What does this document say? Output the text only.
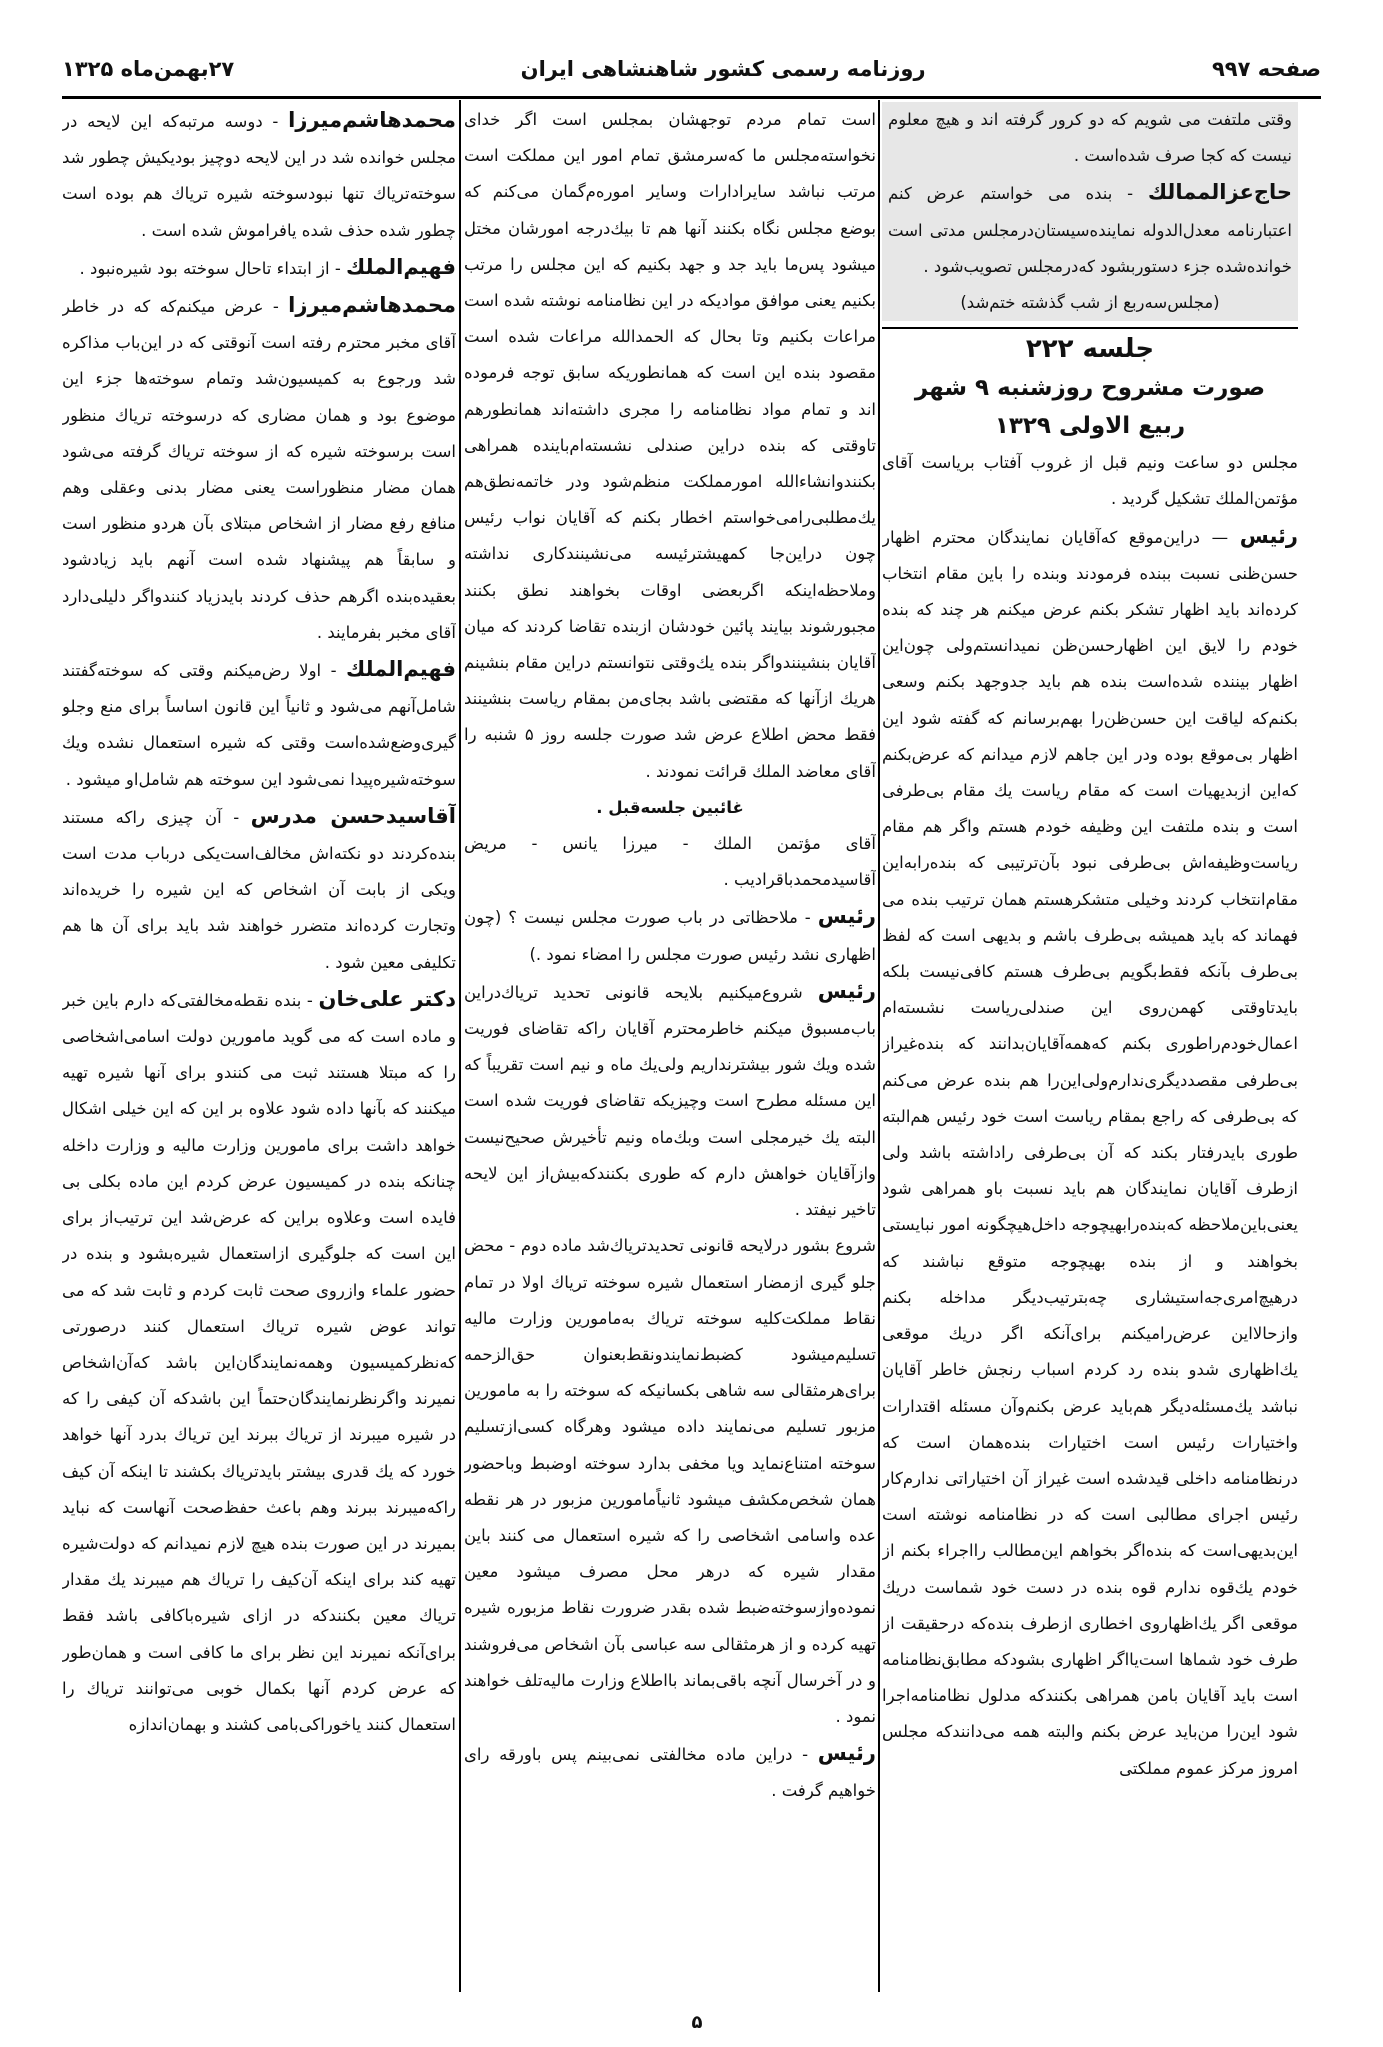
صفحه ۹۹۷
روزنامه رسمی کشور شاهنشاهی ایران
۲۷بهمن‌ماه ۱۳۲۵

وقتی ملتفت می شویم که دو کرور گرفته اند و هیچ معلوم نیست که کجا صرف شده‌است .

حاج‌عزالممالك - بنده می خواستم عرض کنم اعتبارنامه معدل‌الدوله نماینده‌سیستان‌درمجلس مدتی است خوانده‌شده جزء دستوربشود که‌درمجلس تصویب‌شود .

(مجلس‌سه‌ربع از شب گذشته ختم‌شد)

جلسه ۲۲۲
صورت مشروح روزشنبه ۹ شهر
ربیع الاولی ۱۳۲۹

مجلس دو ساعت ونیم قبل از غروب آفتاب بریاست آقای مؤتمن‌الملك تشکیل گردید .

رئیس — دراین‌موقع که‌آقایان نمایندگان محترم اظهار حسن‌ظنی نسبت ببنده فرمودند وبنده را باین مقام انتخاب کرده‌اند باید اظهار تشکر بکنم عرض میکنم هر چند که بنده خودم را لایق این اظهارحسن‌ظن نمیدانستم‌ولی چون‌این اظهار بیننده شده‌است بنده هم باید جدوجهد بکنم وسعی بکنم‌که لیاقت این حسن‌ظن‌را بهم‌برسانم که گفته شود این اظهار بی‌موقع بوده ودر این جاهم لازم میدانم که عرض‌بکنم که‌این ازبدیهیات است که مقام ریاست یك مقام بی‌طرفی است و بنده ملتفت این وظیفه خودم هستم واگر هم مقام ریاست‌وظیفه‌اش بی‌طرفی نبود بآن‌ترتیبی که بنده‌رابه‌این مقام‌انتخاب کردند وخیلی متشکرهستم همان ترتیب بنده می فهماند که باید همیشه بی‌طرف باشم و بدیهی است که لفظ بی‌طرف بآنکه فقط‌بگویم بی‌طرف هستم کافی‌نیست بلکه باید‌تاوقتی کهمن‌روی این صندلی‌ریاست نشسته‌ام اعمال‌خودم‌راطوری بکنم که‌همه‌آقایان‌بدانند که بنده‌غیراز بی‌طرفی مقصددیگری‌ندارم‌ولی‌این‌را هم بنده عرض می‌کنم که بی‌طرفی که راجع بمقام ریاست است خود رئیس هم‌البته طوری بایدرفتار بکند که آن بی‌طرفی راداشته باشد ولی ازطرف آقایان نمایندگان هم باید نسبت باو همراهی شود یعنی‌باین‌ملاحظه که‌بنده‌رابهیچوجه داخل‌هیچگونه امور نبایستی بخواهند و از بنده بهیچوجه متوقع نباشند که درهیچ‌امری‌جه‌استیشاری چه‌بترتیب‌دیگر مداخله بکنم وازحالااین عرض‌رامیکنم برای‌آنکه اگر دریك موقعی یك‌اظهاری شدو بنده رد کردم اسباب رنجش خاطر آقایان نباشد یك‌مسئله‌دیگر هم‌باید عرض بکنم‌وآن مسئله اقتدارات واختیارات رئیس است اختیارات بنده‌همان است که درنظامنامه داخلی قیدشده است غیراز آن اختیاراتی ندارم‌کار رئیس اجرای مطالبی است که در نظامنامه نوشته است این‌بدیهی‌است که بنده‌اگر بخواهم این‌مطالب رااجراء بکنم از خودم یك‌قوه ندارم قوه بنده در دست خود شماست دریك موقعی اگر یك‌اظهاروی اخطاری ازطرف بنده‌که درحقیقت از طرف خود شماها است‌یااگر اظهاری بشودکه مطابق‌نظامنامه است باید آقایان بامن همراهی بکنندکه مدلول نظامنامه‌اجرا شود این‌را من‌باید عرض بکنم والبته همه می‌دانندکه مجلس امروز مرکز عموم مملکتی

است تمام مردم توجهشان بمجلس است اگر خدای نخواسته‌مجلس ما که‌سرمشق تمام امور این مملکت است مرتب نباشد سایرادارات وسایر اموره‌م‌گمان می‌کنم که بوضع مجلس نگاه بکنند آنها هم تا بیك‌درجه امورشان مختل میشود پس‌ما باید جد و جهد بکنیم که این مجلس را مرتب بکنیم یعنی موافق موادیکه در این نظامنامه نوشته شده است مراعات بکنیم وتا بحال که الحمدالله مراعات شده است مقصود بنده این است که همانطوریکه سابق توجه فرموده اند و تمام مواد نظامنامه را مجری داشته‌اند همانطورهم تاوقتی که بنده دراین صندلی نشسته‌ام‌باینده همراهی بکنندوانشاءالله امورمملکت منظم‌شود ودر خاتمه‌نطق‌هم یك‌مطلبی‌رامی‌خواستم اخطار بکنم که آقایان نواب رئیس چون دراین‌جا کمهیشترئیسه می‌نشینندکاری نداشته وملاحظه‌اینکه اگربعضی اوقات بخواهند نطق بکنند مجبورشوند بیایند پائین خودشان ازبنده تقاضا کردند که میان آقایان بنشینندواگر بنده یك‌وقتی نتوانستم دراین مقام بنشینم هریك ازآنها که مقتضی باشد بجای‌من بمقام ریاست بنشینند فقط محض اطلاع عرض شد صورت جلسه روز ۵ شنبه را آقای معاضد الملك قرائت نمودند .

غائبین جلسه‌قبل .

آقای مؤتمن الملك - میرزا یانس - مریض آقاسیدمحمدباقرادیب .

رئیس - ملاحظاتی در باب صورت مجلس نیست ؟ (چون اظهاری نشد رئیس صورت مجلس را امضاء نمود .)

رئیس شروع‌میکنیم بلایحه قانونی تحدید تریاك‌دراین باب‌مسبوق میکنم خاطرمحترم آقایان راکه تقاضای فوریت شده ویك شور بیشترنداریم ولی‌یك ماه و نیم است تقریباً که این مسئله مطرح است وچیزیکه تقاضای فوریت شده است البته یك خیرمجلی است وبك‌ماه ونیم تأخیرش صحیح‌نیست وازآقایان خواهش دارم که طوری بکنند‌که‌بیش‌از این لایحه تاخیر نیفتد .

شروع بشور درلایحه قانونی تحدیدتریاك‌شد ماده دوم - محض جلو گیری ازمضار استعمال شیره سوخته تریاك اولا در تمام نقاط مملکت‌کلیه سوخته تریاك به‌مامورین وزارت مالیه تسلیم‌میشود کضبط‌نمایندونقط‌بعنوان حق‌الزحمه برای‌هر‌مثقالی سه شاهی بکسانیکه که سوخته را به مامورین مزبور تسلیم می‌نمایند داده میشود وهرگاه کسی‌ازتسلیم سوخته امتناع‌نماید ویا مخفی بدارد سوخته اوضبط وباحضور همان شخص‌مکشف میشود ثانیاً‌مامورین مزبور در هر نقطه عده واسامی اشخاصی را که شیره استعمال می کنند باین مقدار شیره که درهر محل مصرف میشود معین نموده‌وازسوخته‌ضبط شده بقدر ضرورت نقاط مزبوره شیره تهیه کرده و از هرمثقالی سه عباسی بآن اشخاص می‌فروشند و در آخرسال آنچه باقی‌بماند بااطلاع وزارت مالیه‌تلف خواهند نمود .

رئیس - دراین ماده مخالفتی نمی‌بینم پس باورقه رای خواهیم گرفت .

محمدهاشم‌میرزا - دوسه مرتبه‌که این لایحه در مجلس خوانده شد در این لایحه دوچیز بودیکیش چطور شد سوخته‌تریاك تنها نبودسوخته شیره تریاك هم بوده است چطور شده حذف شده یافراموش شده است .

فهیم‌الملك - از ابتداء تاحال سوخته بود شیره‌نبود .

محمدهاشم‌میرزا - عرض میکنم‌که‌ که در خاطر آقای مخبر محترم رفته است آنوقتی که در این‌باب مذاکره شد ورجوع به کمیسیون‌شد وتمام سوخته‌ها جزء این موضوع بود و همان مضاری که درسوخته تریاك منظور است برسوخته شیره که از سوخته تریاك گرفته می‌شود همان مضار منظوراست یعنی مضار بدنی وعقلی وهم منافع رفع مضار از اشخاص مبتلای بآن هردو منظور است و سابقاً هم پیشنهاد شده است آنهم باید زیادشود بعقیده‌بنده اگرهم حذف کردند بایدزیاد کنندواگر دلیلی‌دارد آقای مخبر بفرمایند .

فهیم‌الملك - اولا رض‌میکنم وقتی که سوخته‌گفتند شامل‌آنهم می‌شود و ثانیاً این قانون اساساً برای منع وجلو گیری‌وضع‌شده‌است وقتی که شیره استعمال نشده ویك سوخته‌شیره‌پیدا نمی‌شود این سوخته هم شامل‌او میشود .

آقاسیدحسن مدرس - آن چیزی راکه مستند بنده‌کردند دو نکته‌اش مخالف‌است‌یکی درباب مدت است ویکی از بابت آن اشخاص که این شیره را خریده‌اند وتجارت کرده‌اند متضرر خواهند شد باید برای آن ها هم تکلیفی معین شود .

دکتر علی‌خان - بنده نقطه‌مخالفتی‌که دارم باین خبر و ماده است که می گوید مامورین دولت اسامی‌اشخاصی را که مبتلا هستند ثبت می کنندو برای آنها شیره تهیه میکنند که بآنها داده شود علاوه بر این که این خیلی اشکال خواهد داشت برای مامورین وزارت مالیه و وزارت داخله چنانکه بنده در کمیسیون عرض کردم این ماده بکلی بی فایده است وعلاوه براین که عرض‌شد این ترتیب‌از برای این است که جلوگیری ازاستعمال شیره‌بشود و بنده در حضور علماء وازروی صحت ثابت کردم و ثابت شد که می تواند عوض شیره تریاك استعمال کنند درصورتی که‌نظرکمیسیون وهمه‌نمایندگان‌این باشد که‌آن‌اشخاص نمیرند واگرنظرنمایندگان‌حتماً این باشدکه آن کیفی را که در شیره میبرند از تریاك ببرند این تریاك بدرد آنها خواهد خورد که یك قدری بیشتر بایدتریاك بکشند تا اینکه آن کیف راکه‌میبرند ببرند وهم باعث حفظ‌صحت آنهاست که نباید بمیرند در این صورت بنده هیچ لازم نمیدانم که دولت‌شیره تهیه کند برای اینکه آن‌کیف را تریاك هم میبرند یك مقدار تریاك معین بکنندکه در ازای شیره‌باکافی باشد فقط برای‌آنکه نمیرند این نظر برای ما کافی است و همان‌طور که عرض کردم آنها بکمال خوبی می‌توانند تریاك را استعمال کنند یاخوراکی‌بامی کشند و بهمان‌اندازه

۵
